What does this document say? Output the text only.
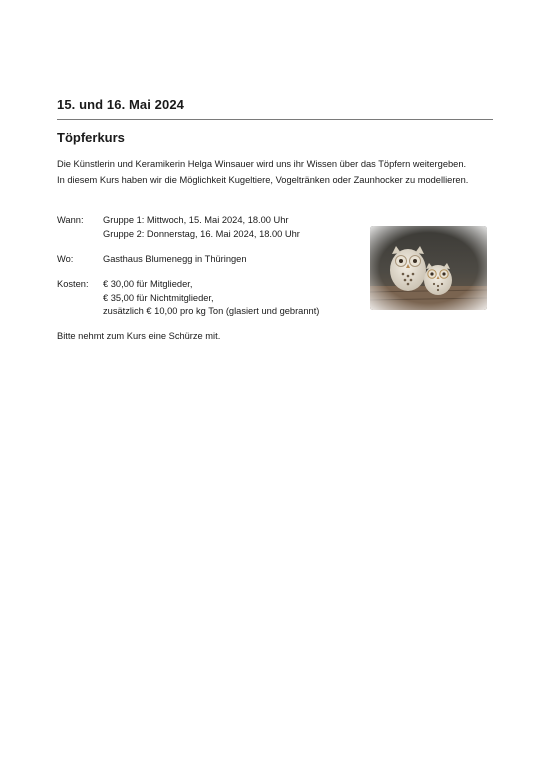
15. und 16. Mai 2024
Töpferkurs

Die Künstlerin und Keramikerin Helga Winsauer wird uns ihr Wissen über das Töpfern weitergeben.

In diesem Kurs haben wir die Möglichkeit Kugeltiere, Vogeltränken oder Zaunhocker zu modellieren.

Wann:	Gruppe 1: Mittwoch, 15. Mai 2024, 18.00 Uhr
Gruppe 2: Donnerstag, 16. Mai 2024, 18.00 Uhr
Wo:	Gasthaus Blumenegg in Thüringen
Kosten:	€ 30,00 für Mitglieder,
€ 35,00 für Nichtmitglieder,
zusätzlich € 10,00 pro kg Ton (glasiert und gebrannt)
Bitte nehmt zum Kurs eine Schürze mit.
